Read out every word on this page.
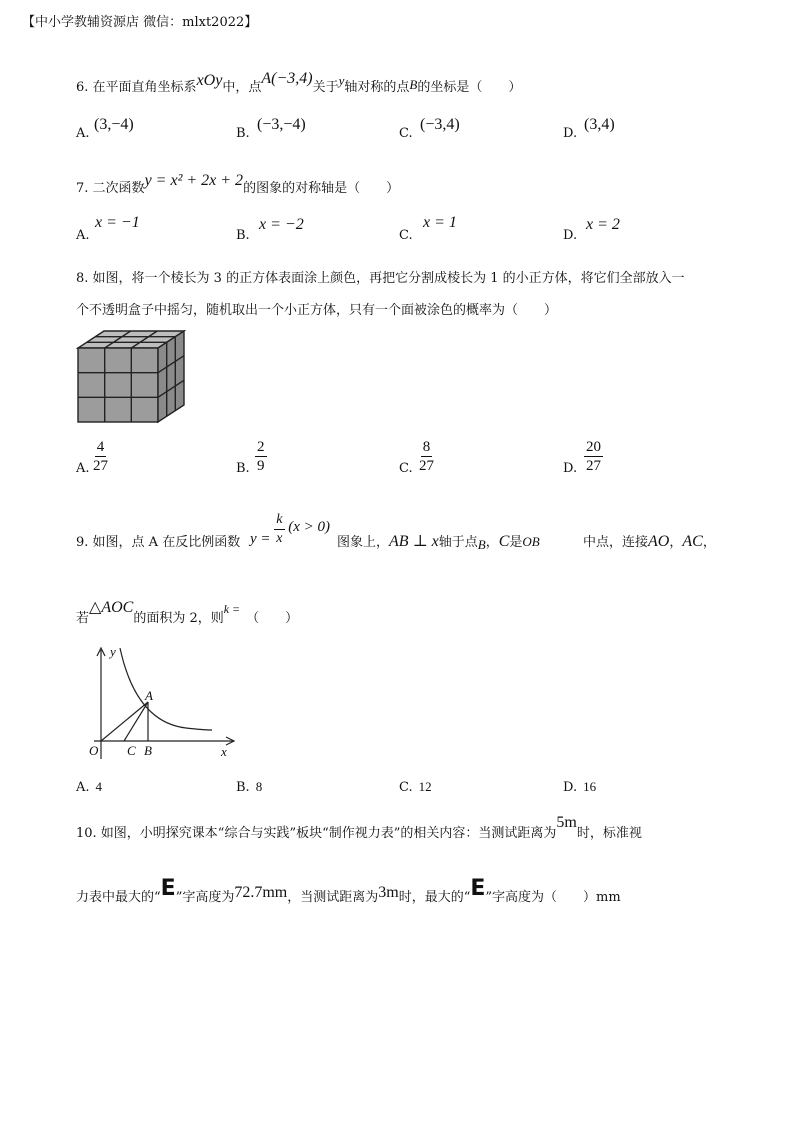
【中小学教辅资源店 微信：mlxt2022】
6. 在平面直角坐标系xOy中，点A(−3,4)关于y轴对称的点B的坐标是（　　）
A.
(3,−4)
B.
(−3,−4)
C.
(−3,4)
D.
(3,4)
7. 二次函数y = x² + 2x + 2的图象的对称轴是（　　）
A.
x = −1
B.
x = −2
C.
x = 1
D.
x = 2
8. 如图，将一个棱长为 3 的正方体表面涂上颜色，再把它分割成棱长为 1 的小正方体，将它们全部放入一
个不透明盒子中摇匀，随机取出一个小正方体，只有一个面被涂色的概率为（　　）
A. $\frac{4}{27}$	B. $\frac{2}{9}$	C. $\frac{8}{27}$	D. $\frac{20}{27}$
9. 如图，点 A 在反比例函数 $y = \frac{k}{x} (x > 0)$
图象上，AB ⊥ x轴于点B，C是OB	中点，连接AO，AC，
若△AOC的面积为 2，则k =（　　）
y
x
O C B
A
A. 4	B. 8	C. 12	D. 16
10. 如图，小明探究课本“综合与实践”板块“制作视力表”的相关内容：当测试距离为5m时，标准视
力表中最大的“E”字高度为72.7mm，当测试距离为3m时，最大的“E”字高度为（　　）mm
